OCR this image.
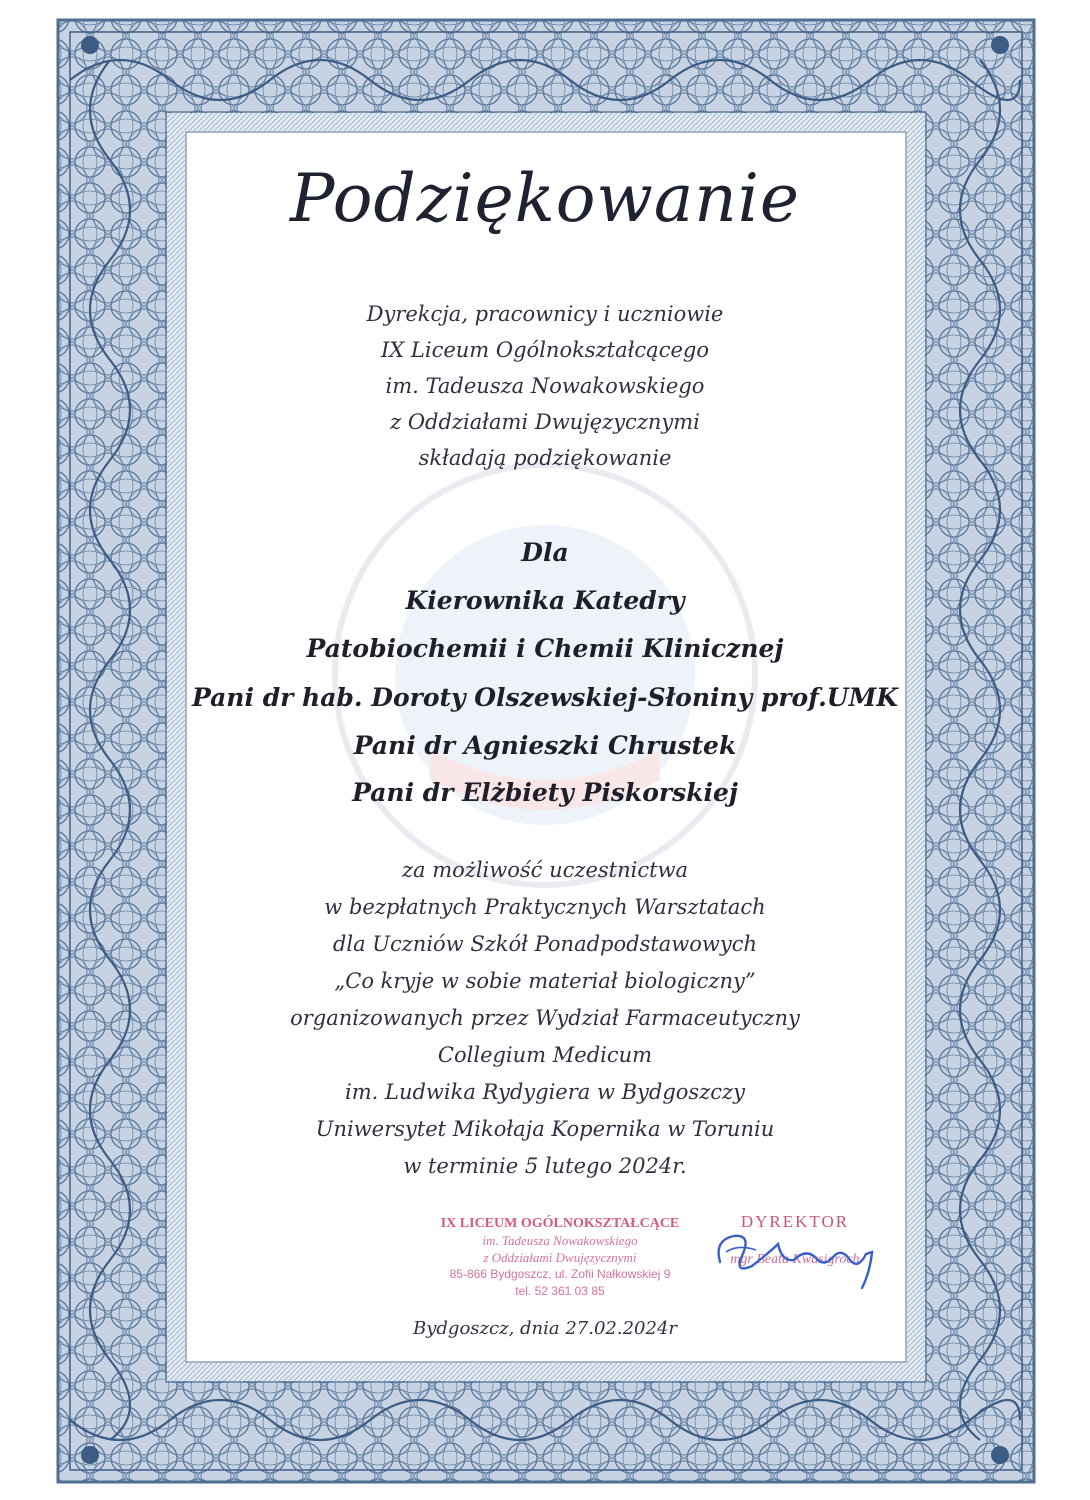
Podziękowanie
Dyrekcja, pracownicy i uczniowie
IX Liceum Ogólnokształcącego
im. Tadeusza Nowakowskiego
z Oddziałami Dwujęzycznymi
składają podziękowanie
Dla
Kierownika Katedry
Patobiochemii i Chemii Klinicznej
Pani dr hab. Doroty Olszewskiej-Słoniny prof.UMK
Pani dr Agnieszki Chrustek
Pani dr Elżbiety Piskorskiej
za możliwość uczestnictwa
w bezpłatnych Praktycznych Warsztatach
dla Uczniów Szkół Ponadpodstawowych
„Co kryje w sobie materiał biologiczny”
organizowanych przez Wydział Farmaceutyczny
Collegium Medicum
im. Ludwika Rydygiera w Bydgoszczy
Uniwersytet Mikołaja Kopernika w Toruniu
w terminie 5 lutego 2024r.
IX LICEUM OGÓLNOKSZTAŁCĄCE
im. Tadeusza Nowakowskiego
z Oddziałami Dwujęzycznymi
85-866 Bydgoszcz, ul. Zofii Nałkowskiej 9
tel. 52 361 03 85
DYREKTOR
mgr Beata Kwasigroch
Bydgoszcz, dnia 27.02.2024r
